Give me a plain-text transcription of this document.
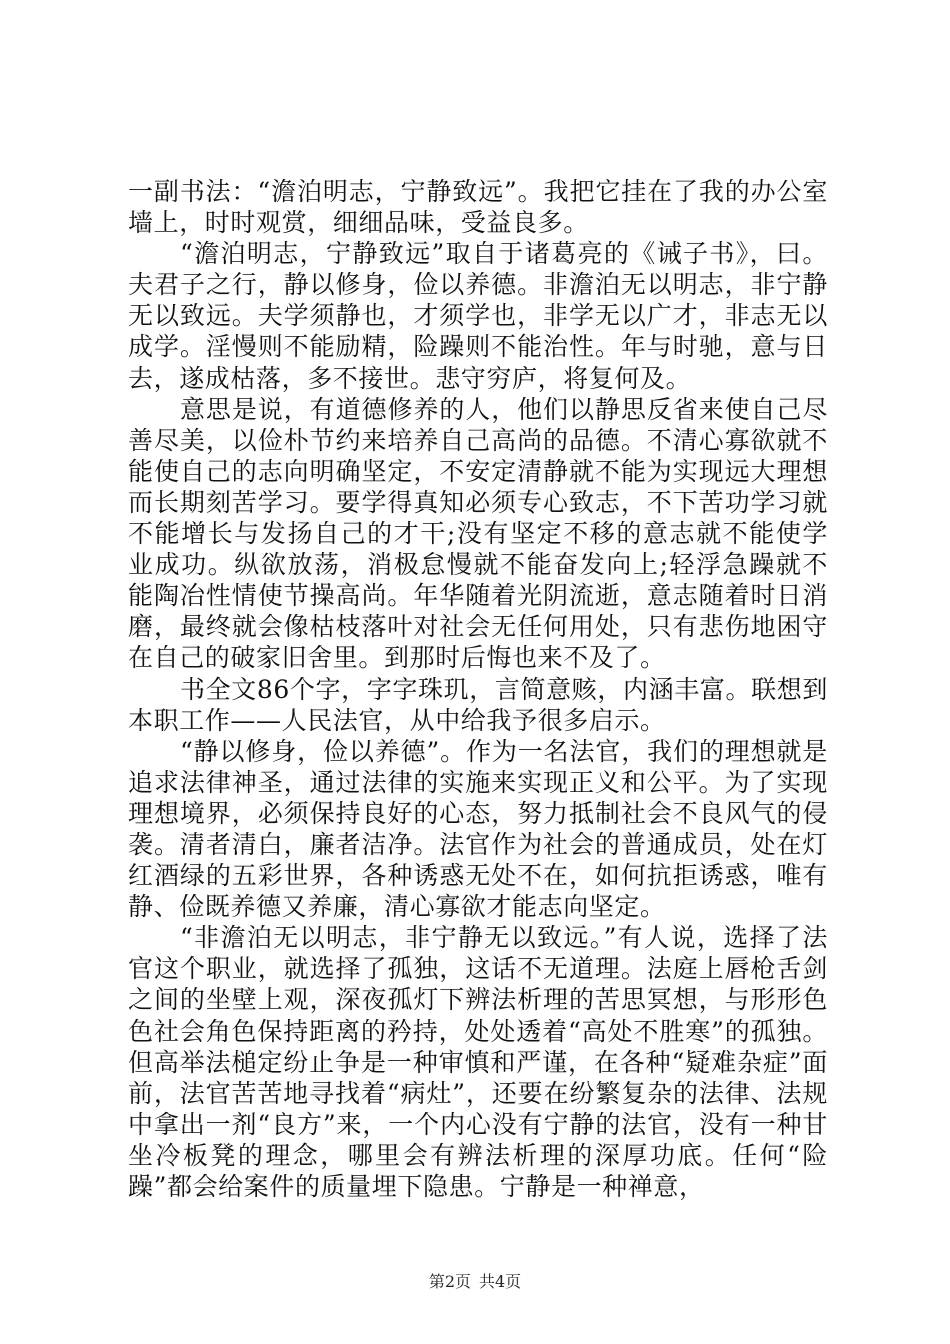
一副书法：“澹泊明志，宁静致远”。我把它挂在了我的办公室墙上，时时观赏，细细品味，受益良多。

“澹泊明志，宁静致远”取自于诸葛亮的《诫子书》，曰。夫君子之行，静以修身，俭以养德。非澹泊无以明志，非宁静无以致远。夫学须静也，才须学也，非学无以广才，非志无以成学。淫慢则不能励精，险躁则不能治性。年与时驰，意与日去，遂成枯落，多不接世。悲守穷庐，将复何及。

意思是说，有道德修养的人，他们以静思反省来使自己尽善尽美，以俭朴节约来培养自己高尚的品德。不清心寡欲就不能使自己的志向明确坚定，不安定清静就不能为实现远大理想而长期刻苦学习。要学得真知必须专心致志，不下苦功学习就不能增长与发扬自己的才干;没有坚定不移的意志就不能使学业成功。纵欲放荡，消极怠慢就不能奋发向上;轻浮急躁就不能陶冶性情使节操高尚。年华随着光阴流逝，意志随着时日消磨，最终就会像枯枝落叶对社会无任何用处，只有悲伤地困守在自己的破家旧舍里。到那时后悔也来不及了。

书全文86个字，字字珠玑，言简意赅，内涵丰富。联想到本职工作——人民法官，从中给我予很多启示。

“静以修身，俭以养德”。作为一名法官，我们的理想就是追求法律神圣，通过法律的实施来实现正义和公平。为了实现理想境界，必须保持良好的心态，努力抵制社会不良风气的侵袭。清者清白，廉者洁净。法官作为社会的普通成员，处在灯红酒绿的五彩世界，各种诱惑无处不在，如何抗拒诱惑，唯有静、俭既养德又养廉，清心寡欲才能志向坚定。

“非澹泊无以明志，非宁静无以致远。”有人说，选择了法官这个职业，就选择了孤独，这话不无道理。法庭上唇枪舌剑之间的坐壁上观，深夜孤灯下辨法析理的苦思冥想，与形形色色社会角色保持距离的矜持，处处透着“高处不胜寒”的孤独。但高举法槌定纷止争是一种审慎和严谨，在各种“疑难杂症”面前，法官苦苦地寻找着“病灶”，还要在纷繁复杂的法律、法规中拿出一剂“良方”来，一个内心没有宁静的法官，没有一种甘坐冷板凳的理念，哪里会有辨法析理的深厚功底。任何“险躁”都会给案件的质量埋下隐患。宁静是一种禅意，

第2页 共4页
